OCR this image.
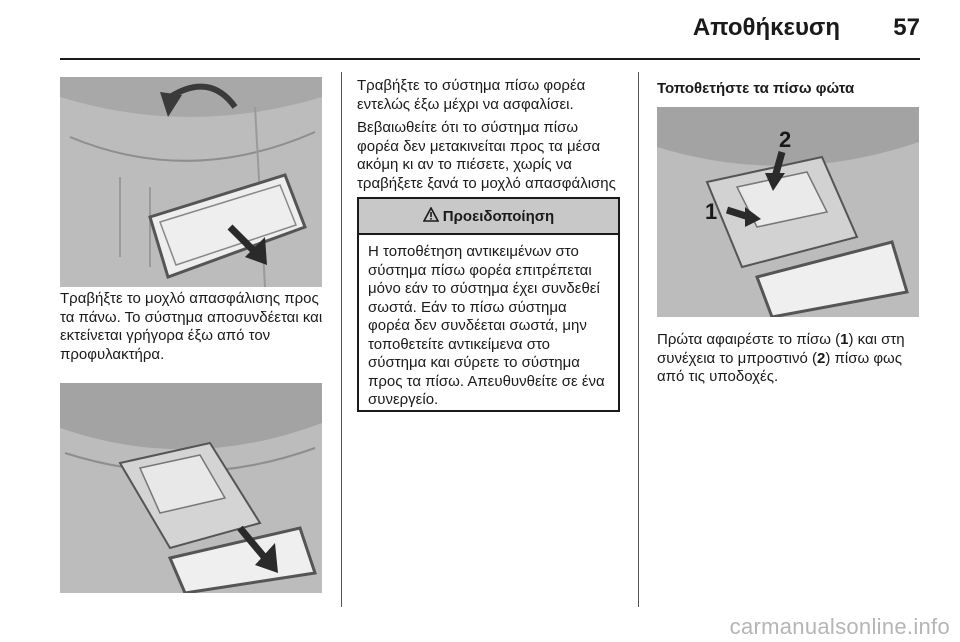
Αποθήκευση 57

Τραβήξτε το μοχλό απασφάλισης προς τα πάνω. Το σύστημα αποσυνδέεται και εκτείνεται γρήγορα έξω από τον προφυλακτήρα.

Τραβήξτε το σύστημα πίσω φορέα εντελώς έξω μέχρι να ασφαλίσει.

Βεβαιωθείτε ότι το σύστημα πίσω φορέα δεν μετακινείται προς τα μέσα ακόμη κι αν το πιέσετε, χωρίς να τραβήξετε ξανά το μοχλό απασφάλισης

Προειδοποίηση
Η τοποθέτηση αντικειμένων στο σύστημα πίσω φορέα επιτρέπεται μόνο εάν το σύστημα έχει συνδεθεί σωστά. Εάν το πίσω σύστημα φορέα δεν συνδέεται σωστά, μην τοποθετείτε αντικείμενα στο σύστημα και σύρετε το σύστημα προς τα πίσω. Απευθυνθείτε σε ένα συνεργείο.
Τοποθετήστε τα πίσω φώτα
2
1

Πρώτα αφαιρέστε το πίσω (1) και στη συνέχεια το μπροστινό (2) πίσω φως από τις υποδοχές.

carmanualsonline.info
